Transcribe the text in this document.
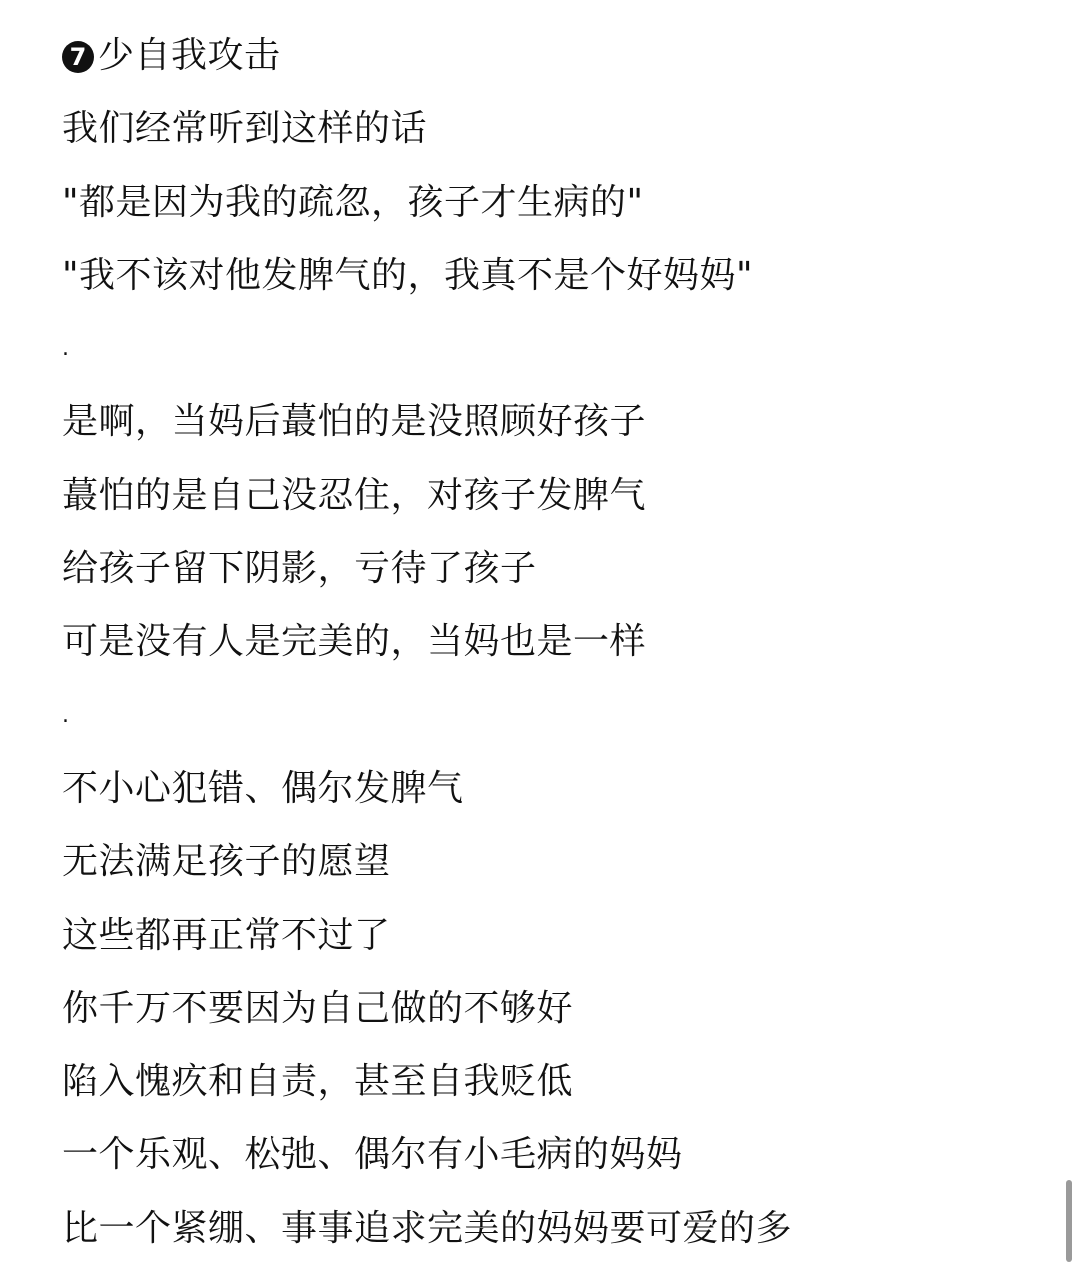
7 少自我攻击
我们经常听到这样的话
"都是因为我的疏忽，孩子才生病的"
"我不该对他发脾气的，我真不是个好妈妈"
.
是啊，当妈后蕞怕的是没照顾好孩子
蕞怕的是自己没忍住，对孩子发脾气
给孩子留下阴影，亏待了孩子
可是没有人是完美的，当妈也是一样
.
不小心犯错、偶尔发脾气
无法满足孩子的愿望
这些都再正常不过了
你千万不要因为自己做的不够好
陷入愧疚和自责，甚至自我贬低
一个乐观、松弛、偶尔有小毛病的妈妈
比一个紧绷、事事追求完美的妈妈要可爱的多
